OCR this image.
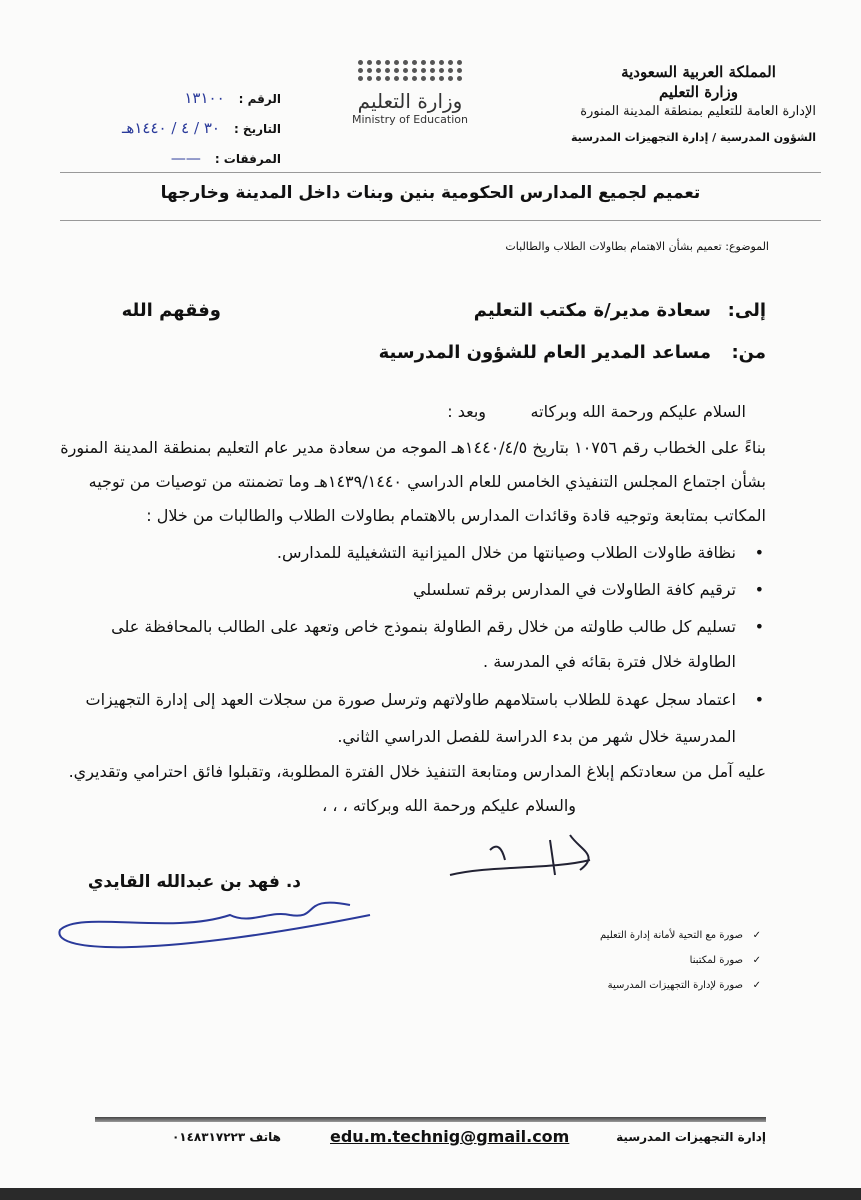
المملكة العربية السعودية
وزارة التعليم
الإدارة العامة للتعليم بمنطقة المدينة المنورة
الشؤون المدرسية / إدارة التجهيزات المدرسية
وزارة التعليم
Ministry of Education
الرقم :١٣١٠٠
التاريخ :٣٠ / ٤ / ١٤٤٠هـ
المرفقات :——
تعميم لجميع المدارس الحكومية بنين وبنات داخل المدينة وخارجها
الموضوع: تعميم بشأن الاهتمام بطاولات الطلاب والطالبات
إلى:
سعادة مدير/ة مكتب التعليم
وفقهم الله
من:
مساعد المدير العام للشؤون المدرسية
السلام عليكم ورحمة الله وبركاته
وبعد :
بناءً على الخطاب رقم ١٠٧٥٦ بتاريخ ١٤٤٠/٤/٥هـ الموجه من سعادة مدير عام التعليم بمنطقة المدينة المنورة
بشأن اجتماع المجلس التنفيذي الخامس للعام الدراسي ١٤٣٩/١٤٤٠هـ وما تضمنته من توصيات من توجيه
المكاتب بمتابعة وتوجيه قادة وقائدات المدارس بالاهتمام بطاولات الطلاب والطالبات من خلال :
• نظافة طاولات الطلاب وصيانتها من خلال الميزانية التشغيلية للمدارس.
• ترقيم كافة الطاولات في المدارس برقم تسلسلي
• تسليم كل طالب طاولته من خلال رقم الطاولة بنموذج خاص وتعهد على الطالب بالمحافظة على
الطاولة خلال فترة بقائه في المدرسة .
• اعتماد سجل عهدة للطلاب باستلامهم طاولاتهم وترسل صورة من سجلات العهد إلى إدارة التجهيزات
المدرسية خلال شهر من بدء الدراسة للفصل الدراسي الثاني.
عليه آمل من سعادتكم إبلاغ المدارس ومتابعة التنفيذ خلال الفترة المطلوبة، وتقبلوا فائق احترامي وتقديري.
والسلام عليكم ورحمة الله وبركاته ، ، ،
د. فهد بن عبدالله القايدي
✓ صورة مع التحية لأمانة إدارة التعليم
✓ صورة لمكتبنا
✓ صورة لإدارة التجهيزات المدرسية
إدارة التجهيزات المدرسية
edu.m.technig@gmail.com
هاتف ٠١٤٨٣١٧٢٢٣
